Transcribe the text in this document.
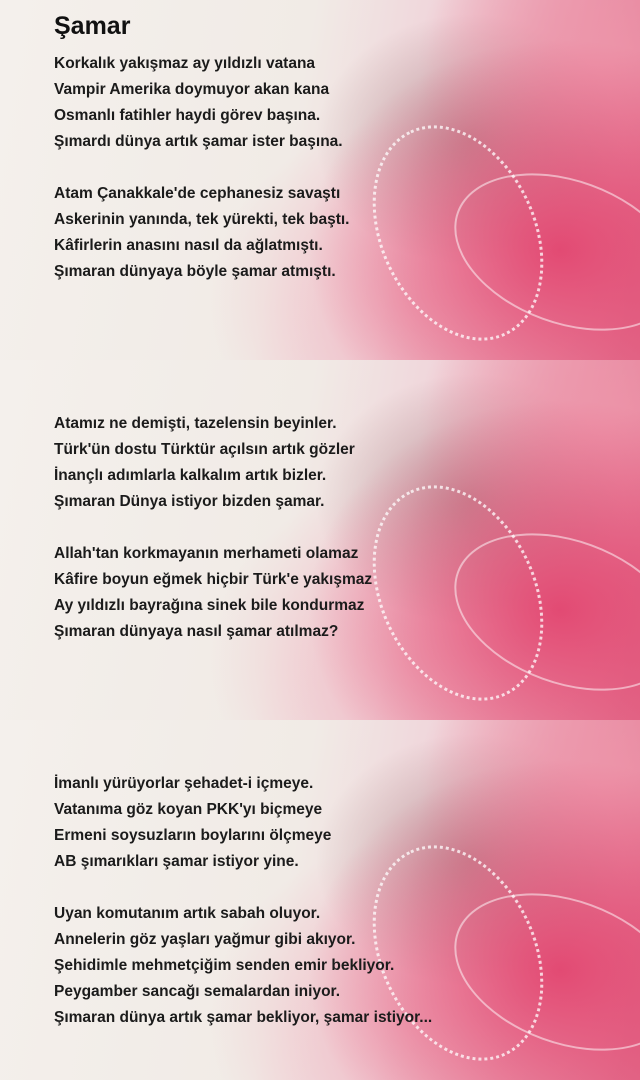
Şamar
Korkalık yakışmaz ay yıldızlı vatana
Vampir Amerika doymuyor akan kana
Osmanlı fatihler haydi görev başına.
Şımardı dünya artık şamar ister başına.
Atam Çanakkale'de cephanesiz savaştı
Askerinin yanında, tek yürekti, tek baştı.
Kâfirlerin anasını nasıl da ağlatmıştı.
Şımaran dünyaya böyle şamar atmıştı.
Atamız ne demişti, tazelensin beyinler.
Türk'ün dostu Türktür açılsın artık gözler
İnançlı adımlarla kalkalım artık bizler.
Şımaran Dünya istiyor bizden şamar.
Allah'tan korkmayanın merhameti olamaz
Kâfire boyun eğmek hiçbir Türk'e yakışmaz
Ay yıldızlı bayrağına sinek bile kondurmaz
Şımaran dünyaya nasıl şamar atılmaz?
İmanlı yürüyorlar şehadet-i içmeye.
Vatanıma göz koyan PKK'yı biçmeye
Ermeni soysuzların boylarını ölçmeye
AB şımarıkları şamar istiyor yine.
Uyan komutanım artık sabah oluyor.
Annelerin göz yaşları yağmur gibi akıyor.
Şehidimle mehmetçiğim senden emir bekliyor.
Peygamber sancağı semalardan iniyor.
Şımaran dünya artık şamar bekliyor, şamar istiyor...
